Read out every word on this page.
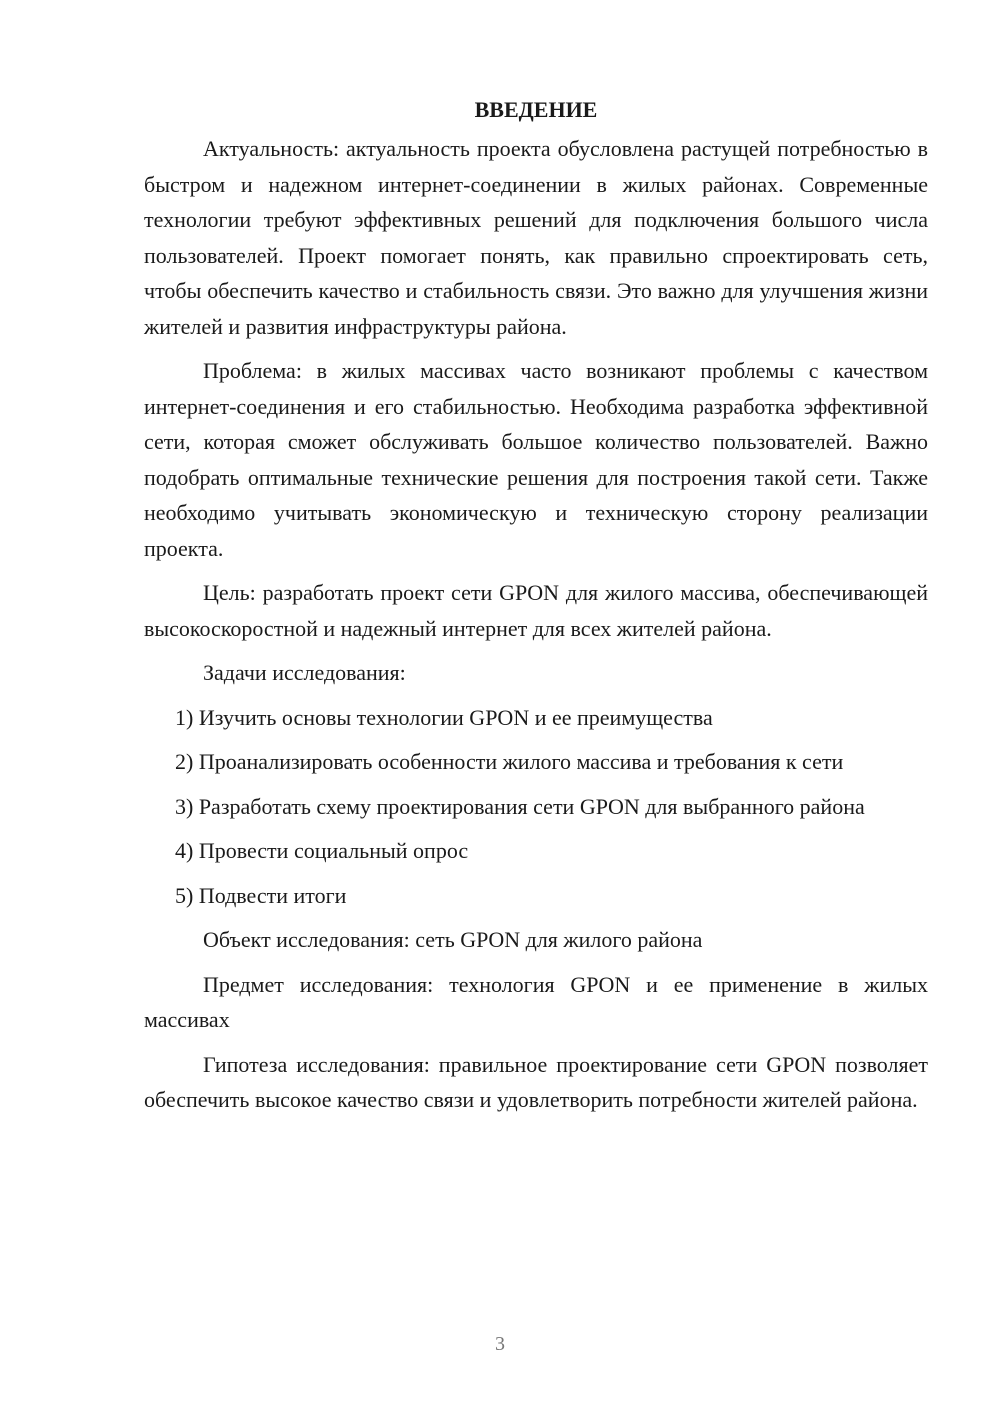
ВВЕДЕНИЕ

Актуальность: актуальность проекта обусловлена растущей потребностью в быстром и надежном интернет-соединении в жилых районах. Современные технологии требуют эффективных решений для подключения большого числа пользователей. Проект помогает понять, как правильно спроектировать сеть, чтобы обеспечить качество и стабильность связи. Это важно для улучшения жизни жителей и развития инфраструктуры района.

Проблема: в жилых массивах часто возникают проблемы с качеством интернет-соединения и его стабильностью. Необходима разработка эффективной сети, которая сможет обслуживать большое количество пользователей. Важно подобрать оптимальные технические решения для построения такой сети. Также необходимо учитывать экономическую и техническую сторону реализации проекта.

Цель: разработать проект сети GPON для жилого массива, обеспечивающей высокоскоростной и надежный интернет для всех жителей района.

Задачи исследования:

1) Изучить основы технологии GPON и ее преимущества

2) Проанализировать особенности жилого массива и требования к сети

3) Разработать схему проектирования сети GPON для выбранного района

4) Провести социальный опрос

5) Подвести итоги

Объект исследования: сеть GPON для жилого района

Предмет исследования: технология GPON и ее применение в жилых массивах

Гипотеза исследования: правильное проектирование сети GPON позволяет обеспечить высокое качество связи и удовлетворить потребности жителей района.

3
